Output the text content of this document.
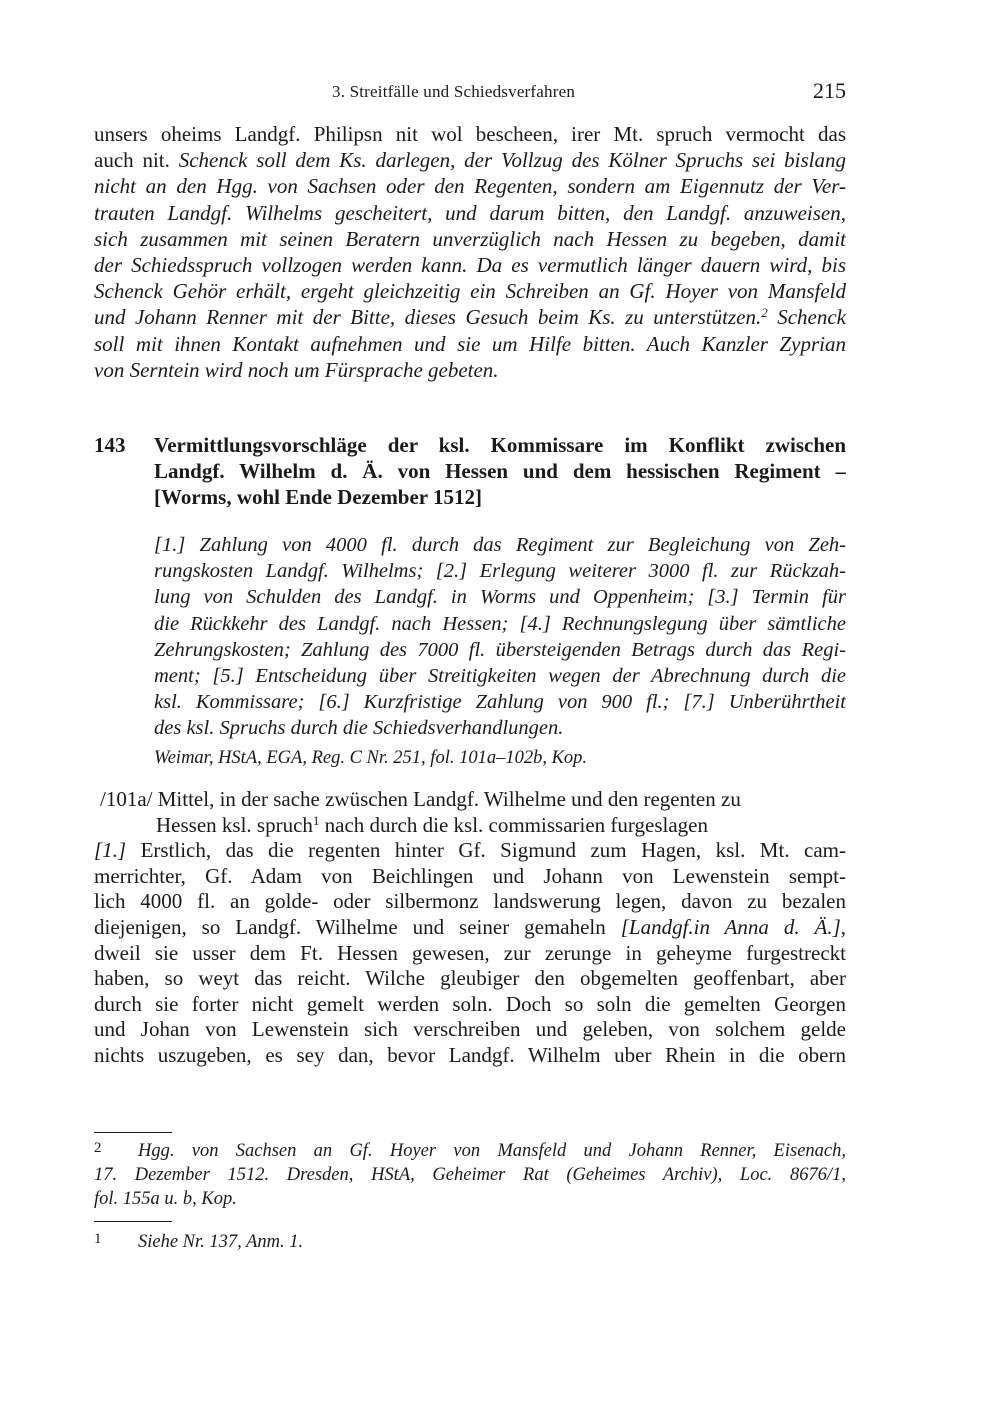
3. Streitfälle und Schiedsverfahren	215
unsers oheims Landgf. Philipsn nit wol bescheen, irer Mt. spruch vermocht das
auch nit. Schenck soll dem Ks. darlegen, der Vollzug des Kölner Spruchs sei bislang
nicht an den Hgg. von Sachsen oder den Regenten, sondern am Eigennutz der Ver-
trauten Landgf. Wilhelms gescheitert, und darum bitten, den Landgf. anzuweisen,
sich zusammen mit seinen Beratern unverzüglich nach Hessen zu begeben, damit
der Schiedsspruch vollzogen werden kann. Da es vermutlich länger dauern wird, bis
Schenck Gehör erhält, ergeht gleichzeitig ein Schreiben an Gf. Hoyer von Mansfeld
und Johann Renner mit der Bitte, dieses Gesuch beim Ks. zu unterstützen.$^2$ Schenck
soll mit ihnen Kontakt aufnehmen und sie um Hilfe bitten. Auch Kanzler Zyprian
von Serntein wird noch um Fürsprache gebeten.
143 Vermittlungsvorschläge der ksl. Kommissare im Konflikt zwischen
Landgf. Wilhelm d. Ä. von Hessen und dem hessischen Regiment –
[Worms, wohl Ende Dezember 1512]
[1.] Zahlung von 4000 fl. durch das Regiment zur Begleichung von Zeh-
rungskosten Landgf. Wilhelms; [2.] Erlegung weiterer 3000 fl. zur Rückzah-
lung von Schulden des Landgf. in Worms und Oppenheim; [3.] Termin für
die Rückkehr des Landgf. nach Hessen; [4.] Rechnungslegung über sämtliche
Zehrungskosten; Zahlung des 7000 fl. übersteigenden Betrags durch das Regi-
ment; [5.] Entscheidung über Streitigkeiten wegen der Abrechnung durch die
ksl. Kommissare; [6.] Kurzfristige Zahlung von 900 fl.; [7.] Unberührtheit
des ksl. Spruchs durch die Schiedsverhandlungen.
Weimar, HStA, EGA, Reg. C Nr. 251, fol. 101a–102b, Kop.
/101a/ Mittel, in der sache zwüschen Landgf. Wilhelme und den regenten zu
Hessen ksl. spruch$^1$ nach durch die ksl. commissarien furgeslagen
[1.] Erstlich, das die regenten hinter Gf. Sigmund zum Hagen, ksl. Mt. cam-
merrichter, Gf. Adam von Beichlingen und Johann von Lewenstein sempt-
lich 4000 fl. an golde- oder silbermonz landswerung legen, davon zu bezalen
diejenigen, so Landgf. Wilhelme und seiner gemaheln [Landgf.in Anna d. Ä.],
dweil sie usser dem Ft. Hessen gewesen, zur zerunge in geheyme furgestreckt
haben, so weyt das reicht. Wilche gleubiger den obgemelten geoffenbart, aber
durch sie forter nicht gemelt werden soln. Doch so soln die gemelten Georgen
und Johan von Lewenstein sich verschreiben und geleben, von solchem gelde
nichts uszugeben, es sey dan, bevor Landgf. Wilhelm uber Rhein in die obern
2 Hgg. von Sachsen an Gf. Hoyer von Mansfeld und Johann Renner, Eisenach,
17. Dezember 1512. Dresden, HStA, Geheimer Rat (Geheimes Archiv), Loc. 8676/1,
fol. 155a u. b, Kop.
1 Siehe Nr. 137, Anm. 1.
